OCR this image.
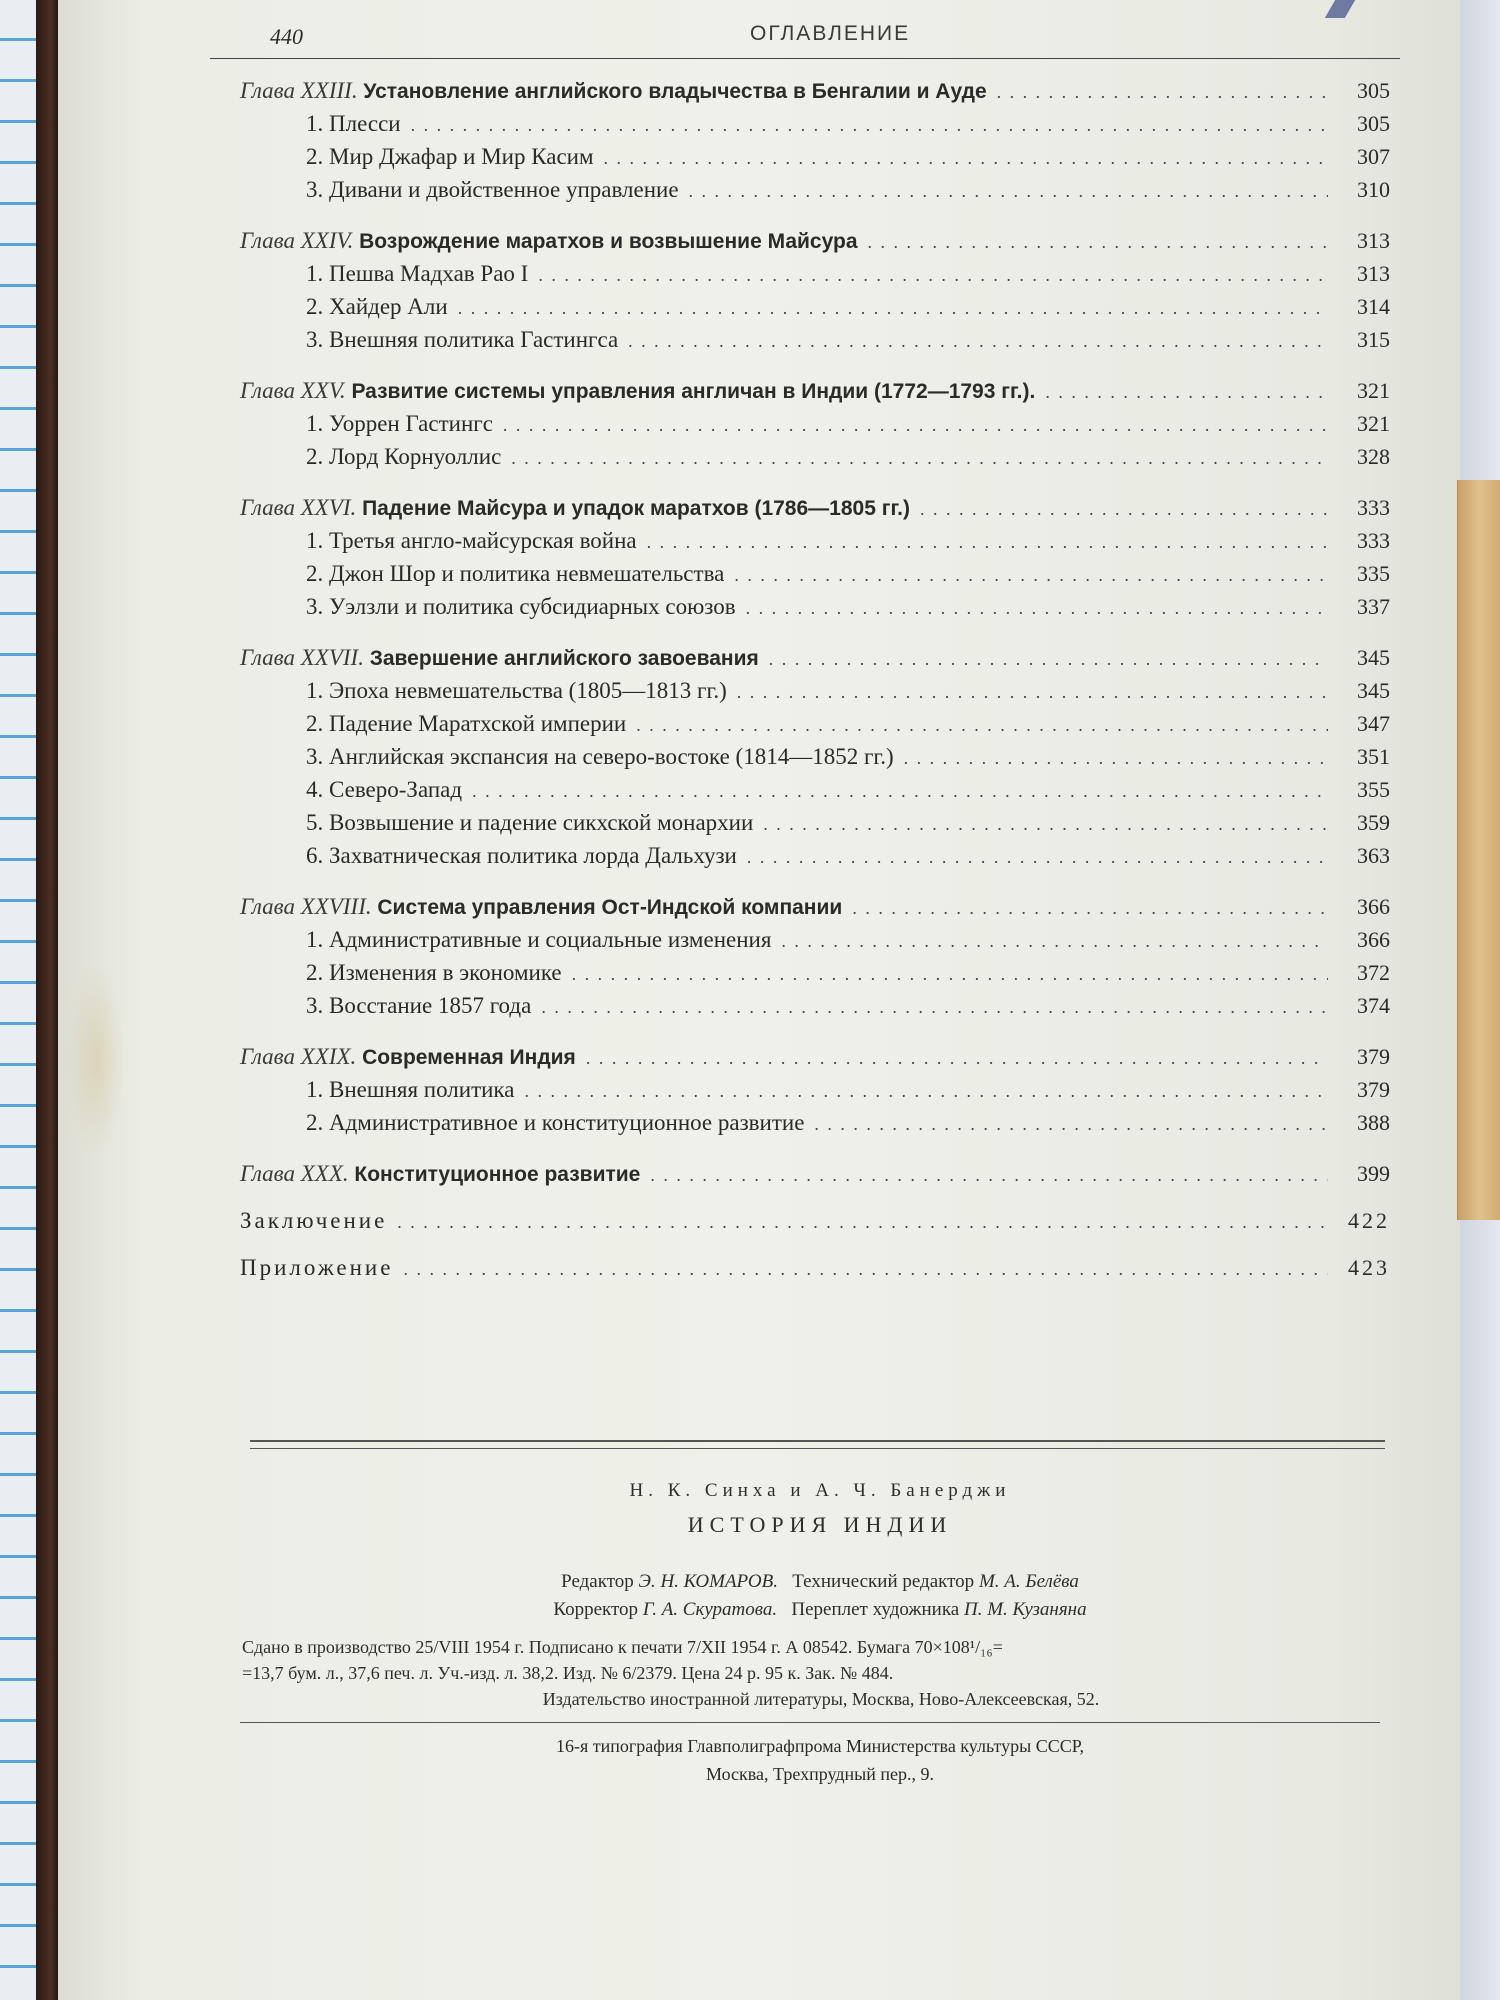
440	ОГЛАВЛЕНИЕ
Глава XXIII. Установление английского владычества в Бенгалии и Ауде . . .	305
1. Плесси . . .	305
2. Мир Джафар и Мир Касим . . .	307
3. Дивани и двойственное управление . . .	310
Глава XXIV. Возрождение маратхов и возвышение Майсура . . .	313
1. Пешва Мадхав Рао I . . .	313
2. Хайдер Али . . .	314
3. Внешняя политика Гастингса . . .	315
Глава XXV. Развитие системы управления англичан в Индии (1772—1793 гг.). . . .	321
1. Уоррен Гастингс . . .	321
2. Лорд Корнуоллис . . .	328
Глава XXVI. Падение Майсура и упадок маратхов (1786—1805 гг.) . . .	333
1. Третья англо-майсурская война . . .	333
2. Джон Шор и политика невмешательства . . .	335
3. Уэлзли и политика субсидиарных союзов . . .	337
Глава XXVII. Завершение английского завоевания . . .	345
1. Эпоха невмешательства (1805—1813 гг.) . . .	345
2. Падение Маратхской империи . . .	347
3. Английская экспансия на северо-востоке (1814—1852 гг.) . . .	351
4. Северо-Запад . . .	355
5. Возвышение и падение сикхской монархии . . .	359
6. Захватническая политика лорда Дальхузи . . .	363
Глава XXVIII. Система управления Ост-Индской компании . . .	366
1. Административные и социальные изменения . . .	366
2. Изменения в экономике . . .	372
3. Восстание 1857 года . . .	374
Глава XXIX. Современная Индия . . .	379
1. Внешняя политика . . .	379
2. Административное и конституционное развитие . . .	388
Глава XXX. Конституционное развитие . . .	399
Заключение . . .	422
Приложение . . .	423
Н. К. Синха и А. Ч. Банерджи
ИСТОРИЯ ИНДИИ
Редактор Э. Н. КОМАРОВ. Технический редактор М. А. Белёва
Корректор Г. А. Скуратова. Переплет художника П. М. Кузаняна
Сдано в производство 25/VIII 1954 г. Подписано к печати 7/XII 1954 г. А 08542. Бумага 70×108¹/₁₆=
=13,7 бум. л., 37,6 печ. л. Уч.-изд. л. 38,2. Изд. № 6/2379. Цена 24 р. 95 к. Зак. № 484.
Издательство иностранной литературы, Москва, Ново-Алексеевская, 52.
16-я типография Главполиграфпрома Министерства культуры СССР,
Москва, Трехпрудный пер., 9.
